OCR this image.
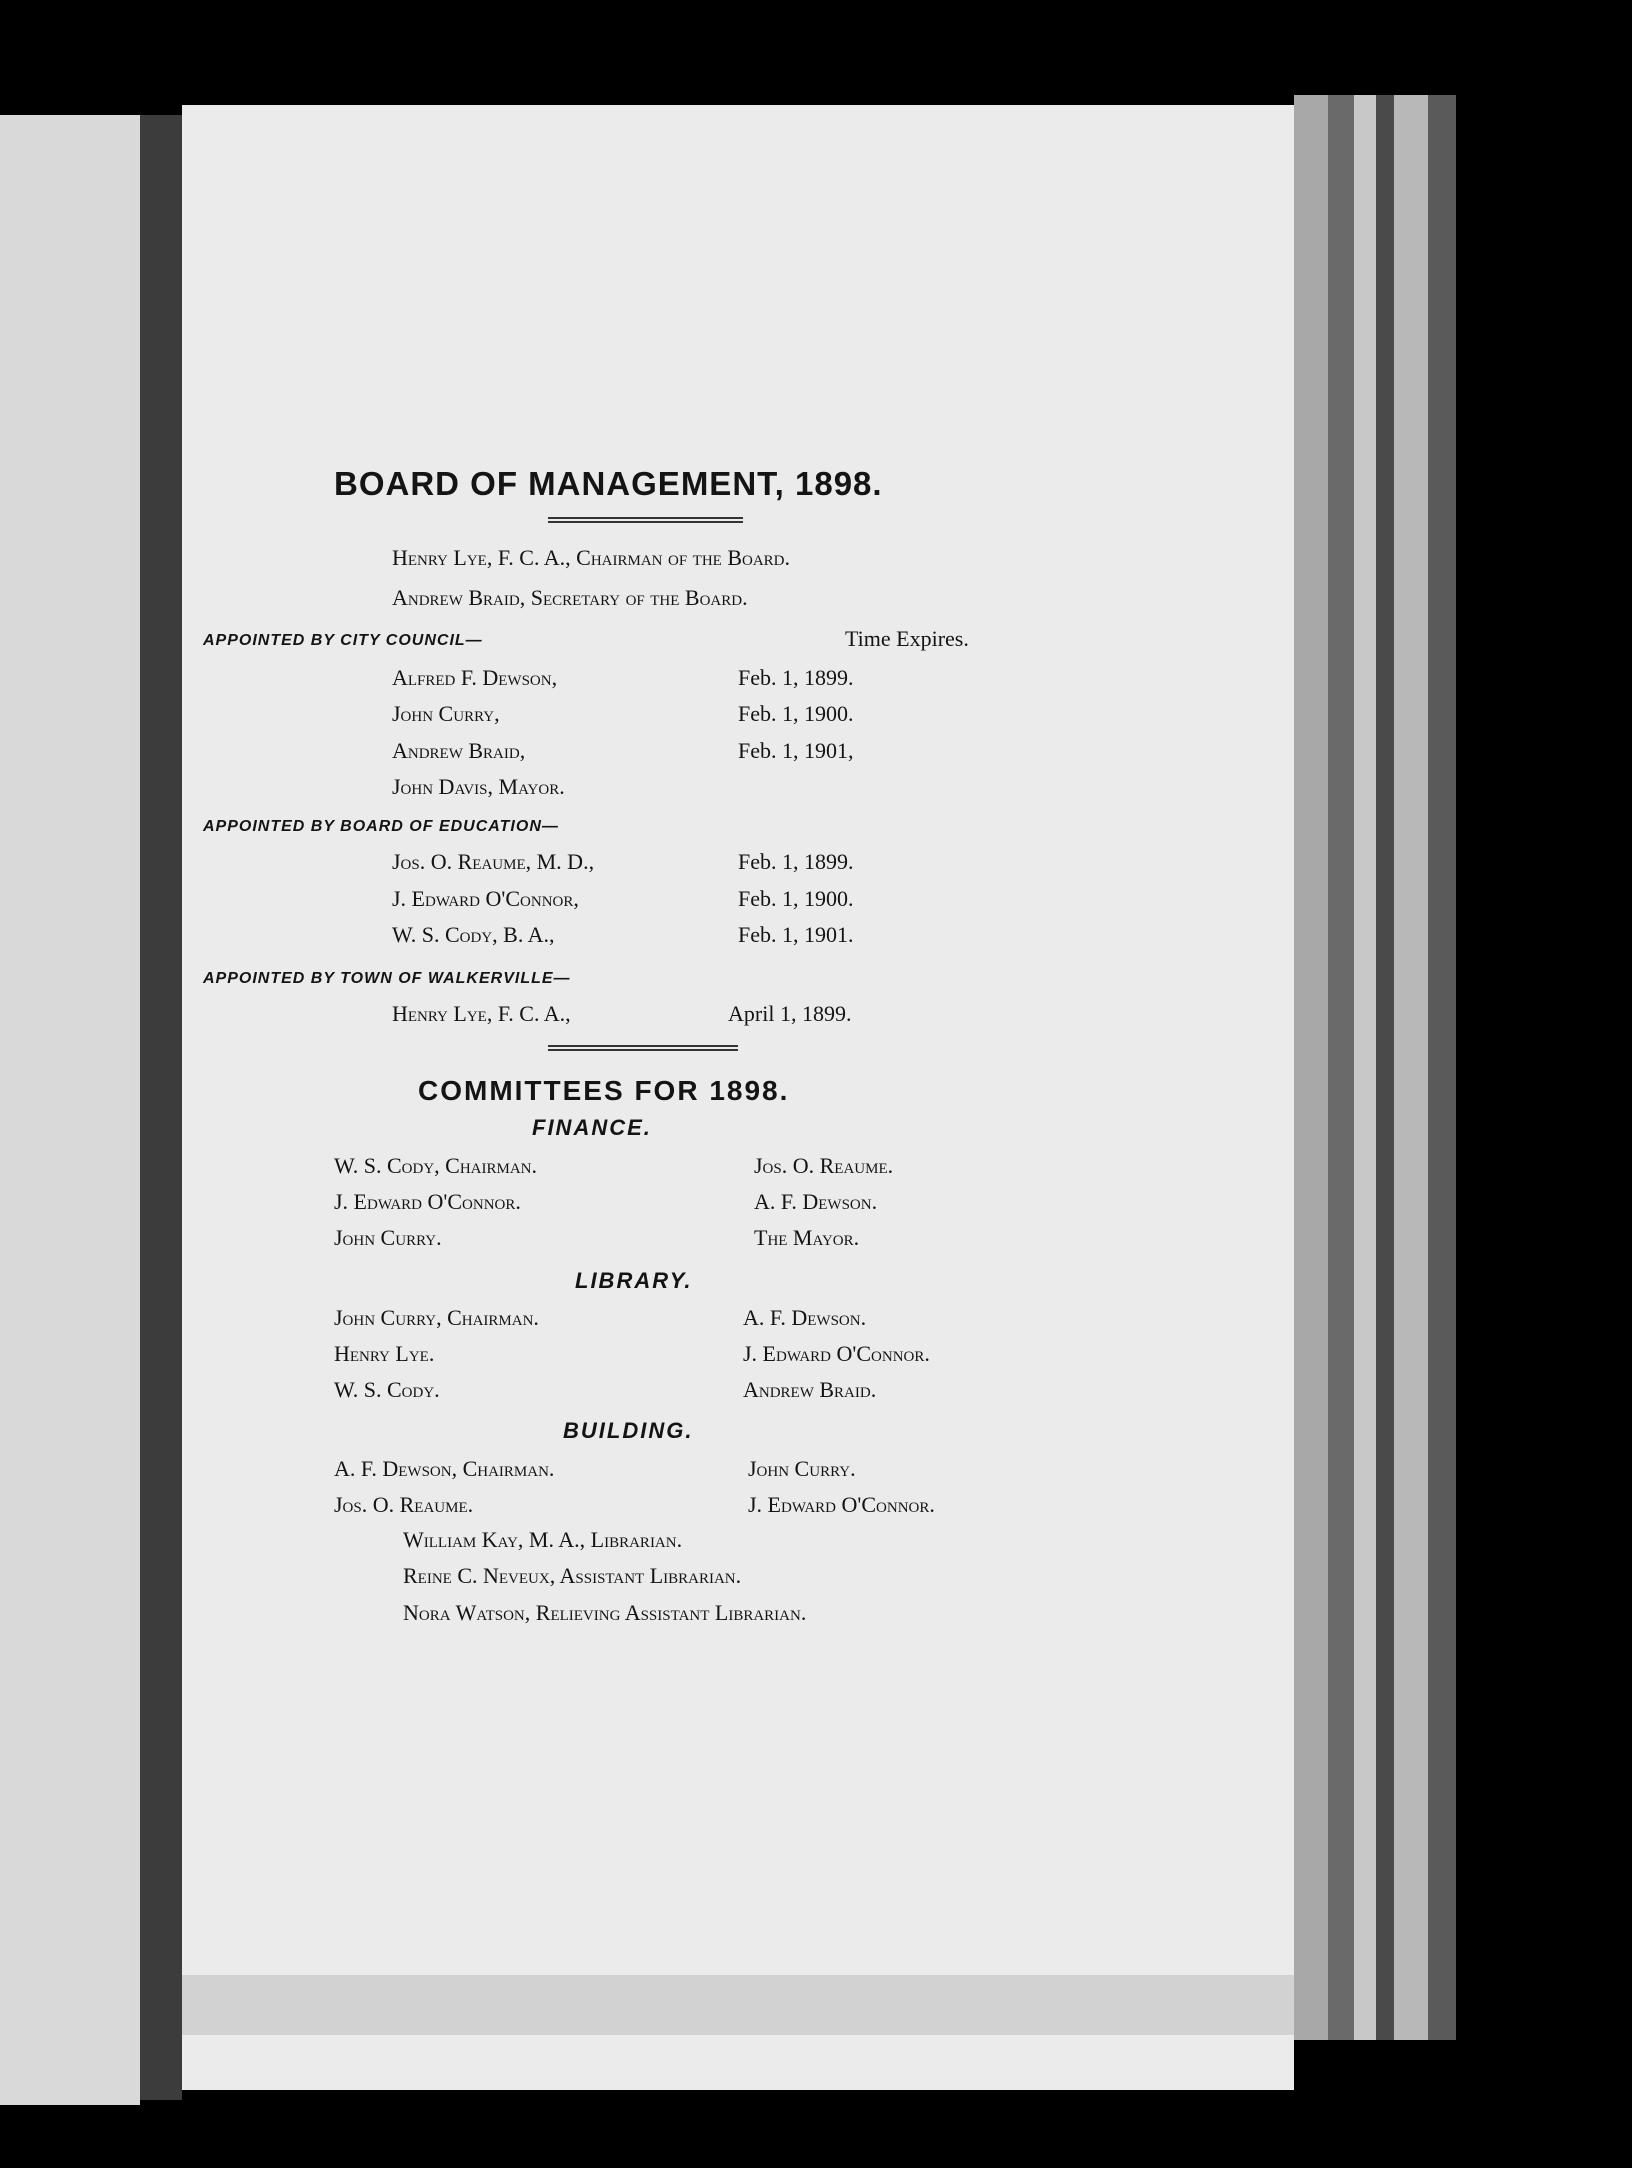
BOARD OF MANAGEMENT, 1898.
Henry Lye, F. C. A., Chairman of the Board.
Andrew Braid, Secretary of the Board.
APPOINTED BY CITY COUNCIL—	Time Expires.
Alfred F. Dewson,	Feb. 1, 1899.
John Curry,	Feb. 1, 1900.
Andrew Braid,	Feb. 1, 1901,
John Davis, Mayor.
APPOINTED BY BOARD OF EDUCATION—
Jos. O. Reaume, M. D.,	Feb. 1, 1899.
J. Edward O'Connor,	Feb. 1, 1900.
W. S. Cody, B. A.,	Feb. 1, 1901.
APPOINTED BY TOWN OF WALKERVILLE—
Henry Lye, F. C. A.,	April 1, 1899.
COMMITTEES FOR 1898.
FINANCE.
W. S. Cody, Chairman.	Jos. O. Reaume.
J. Edward O'Connor.	A. F. Dewson.
John Curry.	The Mayor.
LIBRARY.
John Curry, Chairman.	A. F. Dewson.
Henry Lye.	J. Edward O'Connor.
W. S. Cody.	Andrew Braid.
BUILDING.
A. F. Dewson, Chairman.	John Curry.
Jos. O. Reaume.	J. Edward O'Connor.
William Kay, M. A., Librarian.
Reine C. Neveux, Assistant Librarian.
Nora Watson, Relieving Assistant Librarian.
